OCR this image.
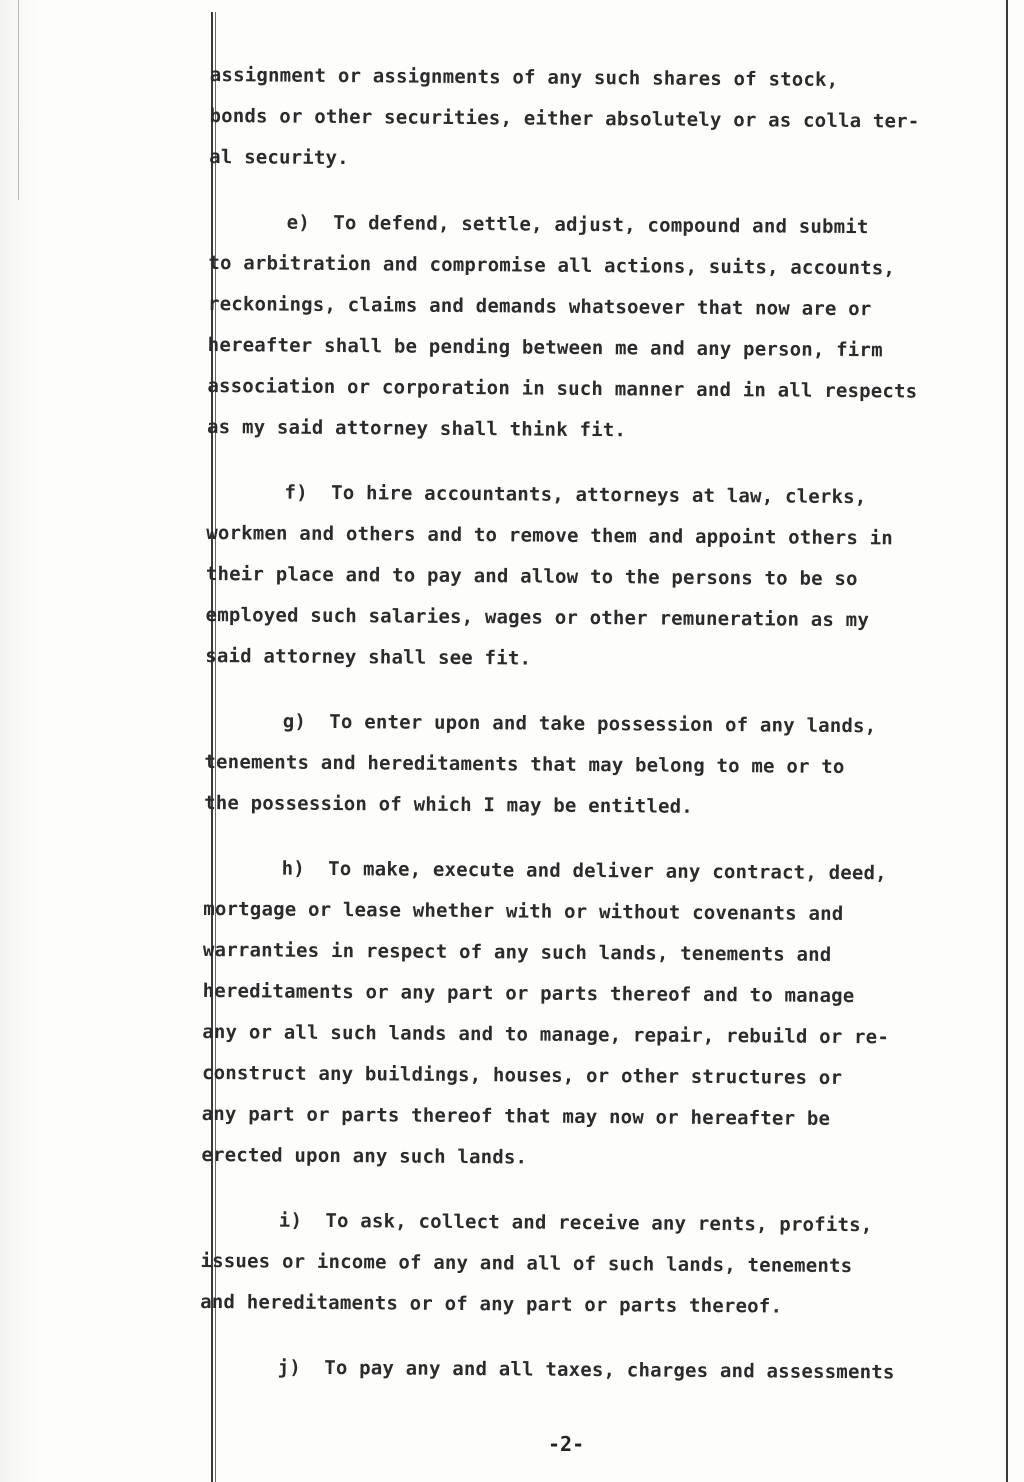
assignment or assignments of any such shares of stock,
bonds or other securities, either absolutely or as colla ter-
al security.
e)  To defend, settle, adjust, compound and submit
to arbitration and compromise all actions, suits, accounts,
reckonings, claims and demands whatsoever that now are or
hereafter shall be pending between me and any person, firm
association or corporation in such manner and in all respects
as my said attorney shall think fit.
f)  To hire accountants, attorneys at law, clerks,
workmen and others and to remove them and appoint others in
their place and to pay and allow to the persons to be so
employed such salaries, wages or other remuneration as my
said attorney shall see fit.
g)  To enter upon and take possession of any lands,
tenements and hereditaments that may belong to me or to
the possession of which I may be entitled.
h)  To make, execute and deliver any contract, deed,
mortgage or lease whether with or without covenants and
warranties in respect of any such lands, tenements and
hereditaments or any part or parts thereof and to manage
any or all such lands and to manage, repair, rebuild or re-
construct any buildings, houses, or other structures or
any part or parts thereof that may now or hereafter be
erected upon any such lands.
i)  To ask, collect and receive any rents, profits,
issues or income of any and all of such lands, tenements
and hereditaments or of any part or parts thereof.
j)  To pay any and all taxes, charges and assessments
-2-
